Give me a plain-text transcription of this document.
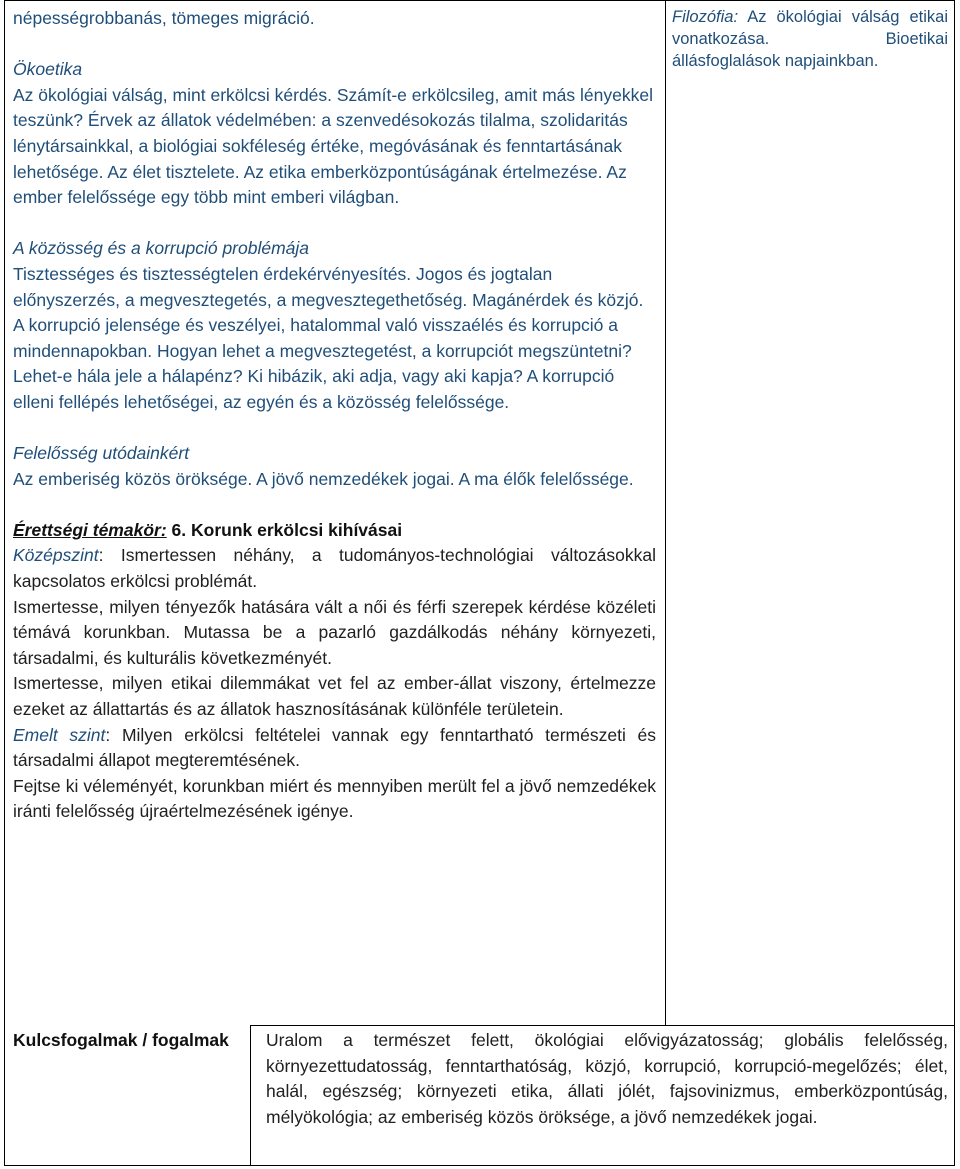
népességrobbanás, tömeges migráció.

Ökoetika

Az ökológiai válság, mint erkölcsi kérdés. Számít-e erkölcsileg, amit más lényekkel teszünk? Érvek az állatok védelmében: a szenvedésokozás tilalma, szolidaritás lénytársainkkal, a biológiai sokféleség értéke, megóvásának és fenntartásának lehetősége. Az élet tisztelete. Az etika emberközpontúságának értelmezése. Az ember felelőssége egy több mint emberi világban.

A közösség és a korrupció problémája

Tisztességes és tisztességtelen érdekérvényesítés. Jogos és jogtalan előnyszerzés, a megvesztegetés, a megvesztegethetőség. Magánérdek és közjó. A korrupció jelensége és veszélyei, hatalommal való visszaélés és korrupció a mindennapokban. Hogyan lehet a megvesztegetést, a korrupciót megszüntetni? Lehet-e hála jele a hálapénz? Ki hibázik, aki adja, vagy aki kapja? A korrupció elleni fellépés lehetőségei, az egyén és a közösség felelőssége.

Felelősség utódainkért

Az emberiség közös öröksége. A jövő nemzedékek jogai. A ma élők felelőssége.

Érettségi témakör: 6. Korunk erkölcsi kihívásai

Középszint: Ismertessen néhány, a tudományos-technológiai változásokkal kapcsolatos erkölcsi problémát.

Ismertesse, milyen tényezők hatására vált a női és férfi szerepek kérdése közéleti témává korunkban. Mutassa be a pazarló gazdálkodás néhány környezeti, társadalmi, és kulturális következményét.

Ismertesse, milyen etikai dilemmákat vet fel az ember-állat viszony, értelmezze ezeket az állattartás és az állatok hasznosításának különféle területein.

Emelt szint: Milyen erkölcsi feltételei vannak egy fenntartható természeti és társadalmi állapot megteremtésének.

Fejtse ki véleményét, korunkban miért és mennyiben merült fel a jövő nemzedékek iránti felelősség újraértelmezésének igénye.

Filozófia: Az ökológiai válság etikai vonatkozása. Bioetikai állásfoglalások napjainkban.
Kulcsfogalmak / fogalmak	Uralom a természet felett, ökológiai elővigyázatosság; globális felelősség, környezettudatosság, fenntarthatóság, közjó, korrupció, korrupció-megelőzés; élet, halál, egészség; környezeti etika, állati jólét, fajsovinizmus, emberközpontúság, mélyökológia; az emberiség közös öröksége, a jövő nemzedékek jogai.
